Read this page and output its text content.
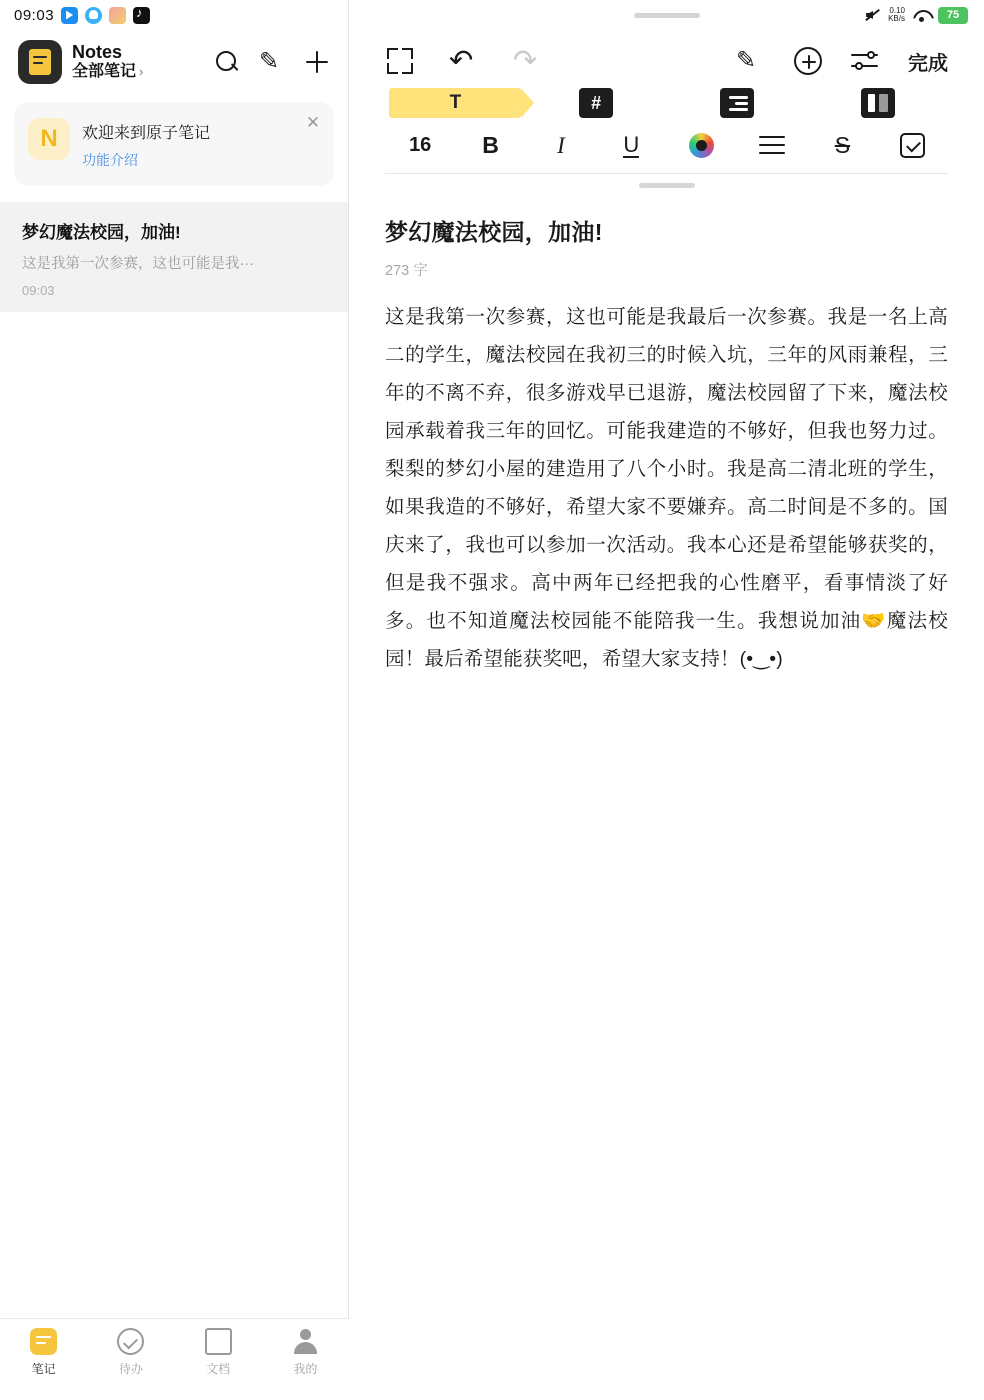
09:03
♪
Notes
全部笔记 ›	✎
N	欢迎来到原子笔记
功能介绍
✕
梦幻魔法校园，加油!
这是我第一次参赛，这也可能是我···
09:03
笔记	待办	文档	我的
0.10
KB/s	75
↶ ↷	✎	完成
T	#
16 B	I	U	S
梦幻魔法校园，加油!
273 字
这是我第一次参赛，这也可能是我最后一次参赛。我是一名上高二的学生，魔法校园在我初三的时候入坑，三年的风雨兼程，三年的不离不弃，很多游戏早已退游，魔法校园留了下来，魔法校园承载着我三年的回忆。可能我建造的不够好，但我也努力过。梨梨的梦幻小屋的建造用了八个小时。我是高二清北班的学生，如果我造的不够好，希望大家不要嫌弃。高二时间是不多的。国庆来了，我也可以参加一次活动。我本心还是希望能够获奖的，但是我不强求。高中两年已经把我的心性磨平，看事情淡了好多。也不知道魔法校园能不能陪我一生。我想说加油🤝魔法校园！最后希望能获奖吧，希望大家支持！(•‿•)
